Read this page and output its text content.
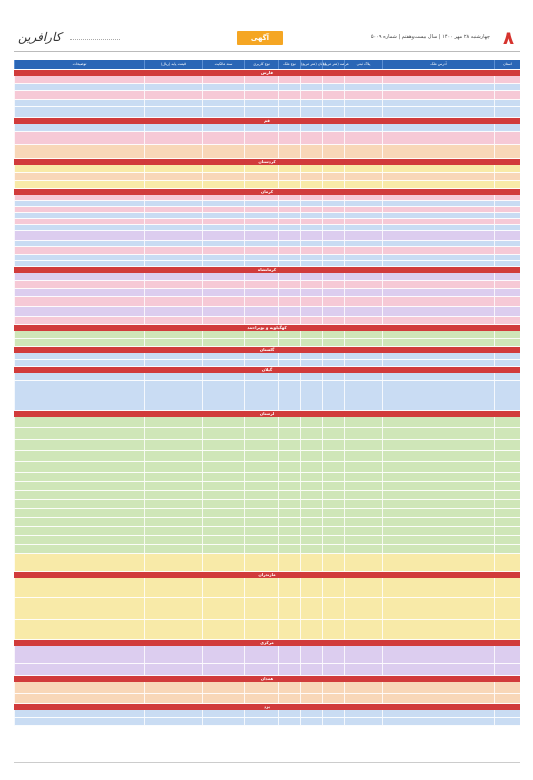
۸
چهارشنبه ۲۸ مهر ۱۴۰۰ | سال بیست‌وهفتم | شماره ۵۰۰۹
آگهی
کارافرین
استان
آدرس ملک
پلاک ثبتی
عرصه (متر مربع)
اعیان (متر مربع)
نوع ملک
نوع کاربری
سند مالکیت
قیمت پایه (ریال)
توضیحات
فارس
قم
کردستان
کرمان
کرمانشاه
کهگیلویه و بویراحمد
گلستان
گیلان
لرستان
مازندران
مرکزی
همدان
یزد
